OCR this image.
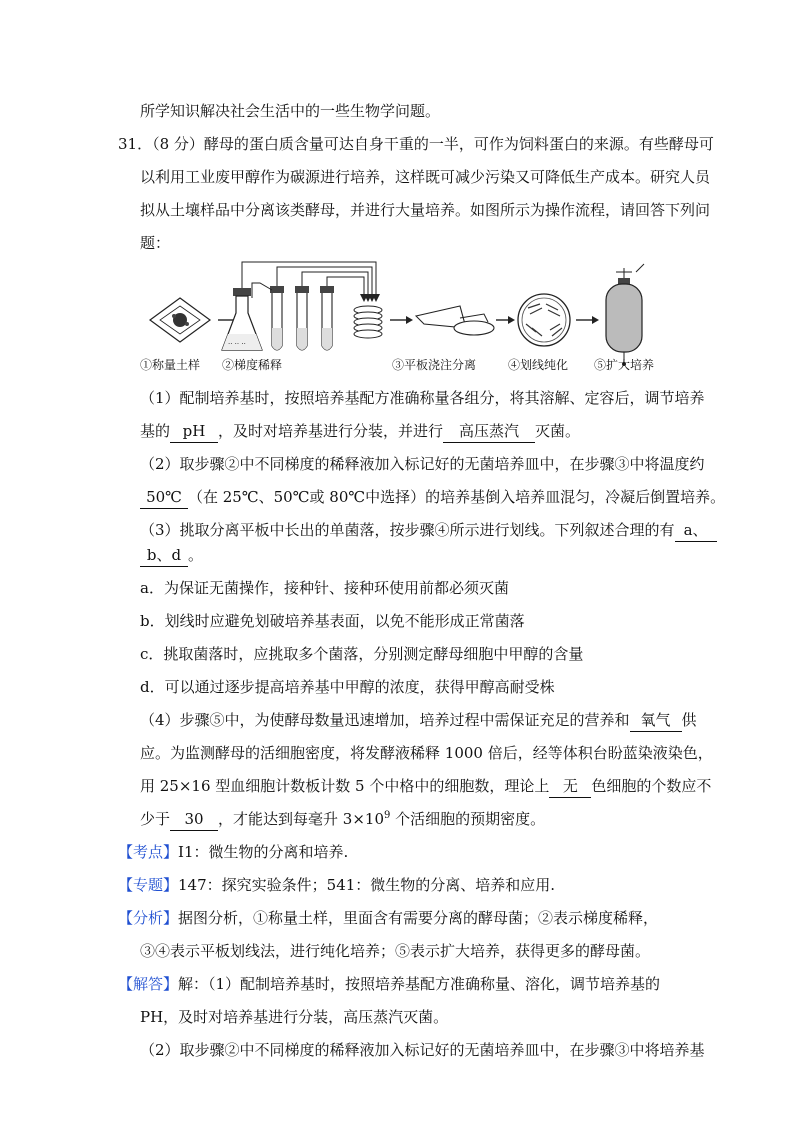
所学知识解决社会生活中的一些生物学问题。
31．（8 分）酵母的蛋白质含量可达自身干重的一半，可作为饲料蛋白的来源。有些酵母可
以利用工业废甲醇作为碳源进行培养，这样既可减少污染又可降低生产成本。研究人员
拟从土壤样品中分离该类酵母，并进行大量培养。如图所示为操作流程，请回答下列问
题：
·· ·· ··
①称量土样 ②梯度稀释	③平板浇注分离	④划线纯化 ⑤扩大培养
（1）配制培养基时，按照培养基配方准确称量各组分，将其溶解、定容后，调节培养
基的 pH ，及时对培养基进行分装，并进行 高压蒸汽 灭菌。
（2）取步骤②中不同梯度的稀释液加入标记好的无菌培养皿中，在步骤③中将温度约
50℃ （在 25℃、50℃或 80℃中选择）的培养基倒入培养皿混匀，冷凝后倒置培养。
（3）挑取分离平板中长出的单菌落，按步骤④所示进行划线。下列叙述合理的有 a、
b、d 。
a．为保证无菌操作，接种针、接种环使用前都必须灭菌
b．划线时应避免划破培养基表面，以免不能形成正常菌落
c．挑取菌落时，应挑取多个菌落，分别测定酵母细胞中甲醇的含量
d．可以通过逐步提高培养基中甲醇的浓度，获得甲醇高耐受株
（4）步骤⑤中，为使酵母数量迅速增加，培养过程中需保证充足的营养和 氧气 供
应。为监测酵母的活细胞密度，将发酵液稀释 1000 倍后，经等体积台盼蓝染液染色，
用 25×16 型血细胞计数板计数 5 个中格中的细胞数，理论上 无 色细胞的个数应不
少于 30 ，才能达到每毫升 $3\times 10^9$ 个活细胞的预期密度。
【考点】I1：微生物的分离和培养.
【专题】147：探究实验条件；541：微生物的分离、培养和应用.
【分析】据图分析，①称量土样，里面含有需要分离的酵母菌；②表示梯度稀释，
③④表示平板划线法，进行纯化培养；⑤表示扩大培养，获得更多的酵母菌。
【解答】解：（1）配制培养基时，按照培养基配方准确称量、溶化，调节培养基的
PH，及时对培养基进行分装，高压蒸汽灭菌。
（2）取步骤②中不同梯度的稀释液加入标记好的无菌培养皿中，在步骤③中将培养基
